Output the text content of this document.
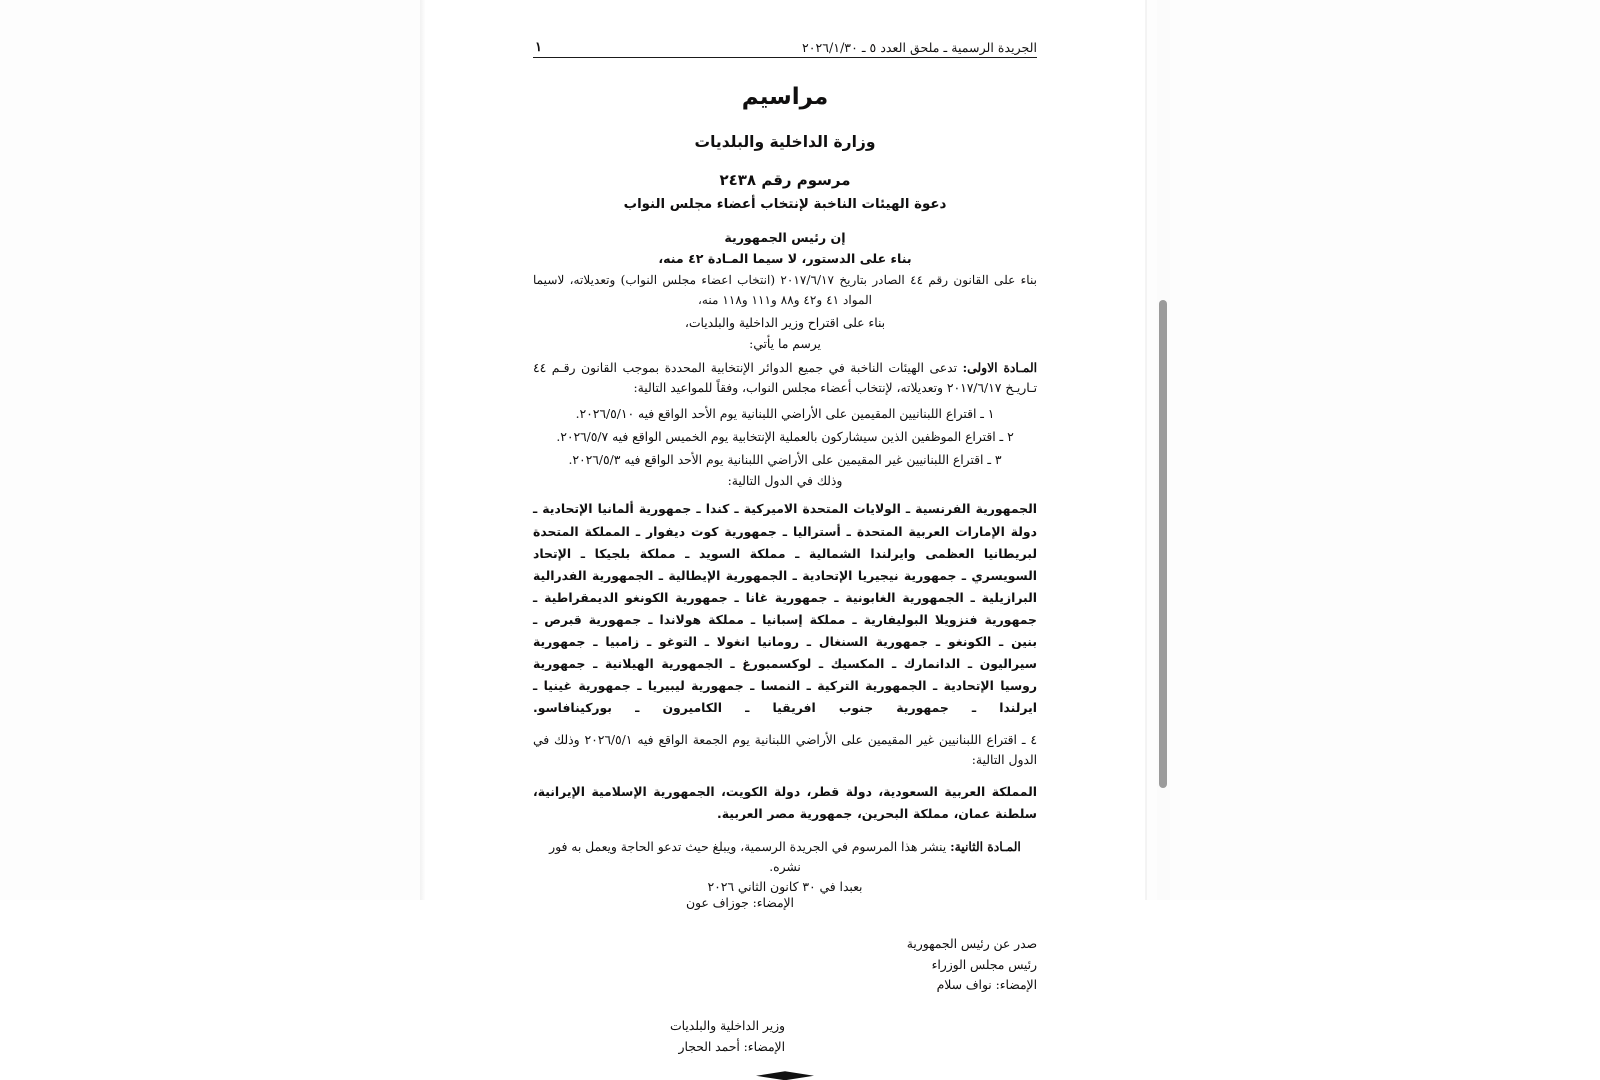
الجريدة الرسمية ـ ملحق العدد ٥ ـ ٢٠٢٦/١/٣٠
١
مراسيم
وزارة الداخلية والبلديات
مرسوم رقم ٢٤٣٨
دعوة الهيئات الناخبة لإنتخاب أعضاء مجلس النواب
إن رئيس الجمهورية
بناء على الدستور، لا سيما المـادة ٤٢ منه،
بناء على القانون رقم ٤٤ الصادر بتاريخ ٢٠١٧/٦/١٧ (انتخاب اعضاء مجلس النواب) وتعديلاته، لاسيما المواد ٤١ و٤٢ و٨٨ و١١١ و١١٨ منه،
بناء على اقتراح وزير الداخلية والبلديات،
يرسم ما يأتي:
المـادة الاولى: تدعى الهيئات الناخبة في جميع الدوائر الإنتخابية المحددة بموجب القانون رقـم ٤٤ تـاريـخ ٢٠١٧/٦/١٧ وتعديلاته، لإنتخاب أعضاء مجلس النواب، وفقاً للمواعيد التالية:
١ ـ اقتراع اللبنانيين المقيمين على الأراضي اللبنانية يوم الأحد الواقع فيه ٢٠٢٦/٥/١٠.
٢ ـ اقتراع الموظفين الذين سيشاركون بالعملية الإنتخابية يوم الخميس الواقع فيه ٢٠٢٦/٥/٧.
٣ ـ اقتراع اللبنانيين غير المقيمين على الأراضي اللبنانية يوم الأحد الواقع فيه ٢٠٢٦/٥/٣.
وذلك في الدول التالية:
الجمهورية الفرنسية ـ الولايات المتحدة الاميركية ـ كندا ـ جمهورية ألمانيا الإتحادية ـ دولة الإمارات العربية المتحدة ـ أستراليا ـ جمهورية كوت ديفوار ـ المملكة المتحدة لبريطانيا العظمى وايرلندا الشمالية ـ مملكة السويد ـ مملكة بلجيكا ـ الإتحاد السويسري ـ جمهورية نيجيريا الإتحادية ـ الجمهورية الإيطالية ـ الجمهورية الفدرالية البرازيلية ـ الجمهورية الغابونية ـ جمهورية غانا ـ جمهورية الكونغو الديمقراطية ـ جمهورية فنزويلا البوليفارية ـ مملكة إسبانيا ـ مملكة هولاندا ـ جمهورية قبرص ـ بنين ـ الكونغو ـ جمهورية السنغال ـ رومانيا انغولا ـ التوغو ـ زامبيا ـ جمهورية سيراليون ـ الدانمارك ـ المكسيك ـ لوكسمبورغ ـ الجمهورية الهيلانية ـ جمهورية روسيا الإتحادية ـ الجمهورية التركية ـ النمسا ـ جمهورية ليبيريا ـ جمهورية غينيا ـ ايرلندا ـ جمهورية جنوب افريقيا ـ الكاميرون ـ بوركينافاسو.
٤ ـ اقتراع اللبنانيين غير المقيمين على الأراضي اللبنانية يوم الجمعة الواقع فيه ٢٠٢٦/٥/١ وذلك في الدول التالية:
المملكة العربية السعودية، دولة قطر، دولة الكويت، الجمهورية الإسلامية الإيرانية، سلطنة عمان، مملكة البحرين، جمهورية مصر العربية.
المـادة الثانية: ينشر هذا المرسوم في الجريدة الرسمية، ويبلغ حيث تدعو الحاجة ويعمل به فور نشره.
بعبدا في ٣٠ كانون الثاني ٢٠٢٦
الإمضاء: جوزاف عون
صدر عن رئيس الجمهورية
رئيس مجلس الوزراء
الإمضاء: نواف سلام
وزير الداخلية والبلديات
الإمضاء: أحمد الحجار
